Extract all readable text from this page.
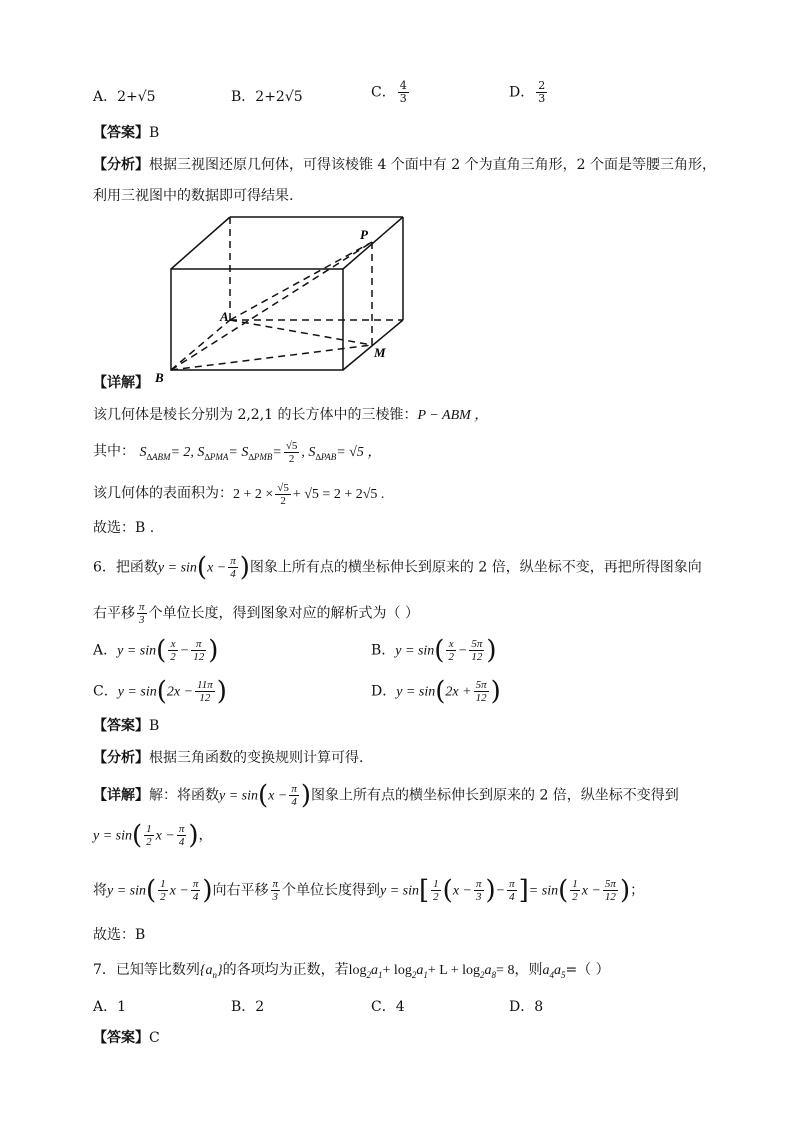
A．2+√5	B．2+2√5	C． $\frac{4}{3}$	D． $\frac{2}{3}$
【答案】B
【分析】根据三视图还原几何体，可得该棱锥 4 个面中有 2 个为直角三角形，2 个面是等腰三角形，
利用三视图中的数据即可得结果.
P
A
M
B
【详解】
该几何体是棱长分别为 2,2,1 的长方体中的三棱锥：P − ABM ，
其中： $S_{\Delta ABM}= 2$, $S_{\Delta PMA}= S_{\Delta PMB}= \frac{√5}{2}$ , $S_{\Delta PAB}= √5$ ，
该几何体的表面积为：$2 + 2 \times \frac{√5}{2} + √5 = 2 + 2√5$ .
故选：B .
6．把函数$y = \sin(x - \frac{\pi}{4}$ )图象上所有点的横坐标伸长到原来的 2 倍，纵坐标不变，再把所得图象向
右平移 $\frac{\pi}{3}$ 个单位长度，得到图象对应的解析式为（ ）
A．$y = \sin( \frac{x}{2} - \frac{\pi}{12}$ )	B．$y = \sin( \frac{x}{2} - \frac{5\pi}{12}$ )
C．$y = \sin(2x - \frac{11\pi}{12}$ )	D．$y = \sin(2x + \frac{5\pi}{12}$ )
【答案】B
【分析】根据三角函数的变换规则计算可得.
【详解】解：将函数$y = \sin(x - \frac{\pi}{4}$ )图象上所有点的横坐标伸长到原来的 2 倍，纵坐标不变得到
$y = \sin( \frac{1}{2}$ $x - \frac{\pi}{4}$ )，
将$y = \sin( \frac{1}{2}$ $x - \frac{\pi}{4}$ )向右平移 $\frac{\pi}{3}$ 个单位长度得到$y = \sin[ \frac{1}{2} (x - \frac{\pi}{3}$ )− $\frac{\pi}{4}$ ]= $\sin( \frac{1}{2}$ $x - \frac{5\pi}{12}$ )；
故选：B
7．已知等比数列$\{a_n\}$的各项均为正数，若$\log_2a_1+ \log_2a_1+ L + \log_2a_8= 8$，则$a_4a_5=$（ ）
A．1	B．2	C．4	D．8
【答案】C
